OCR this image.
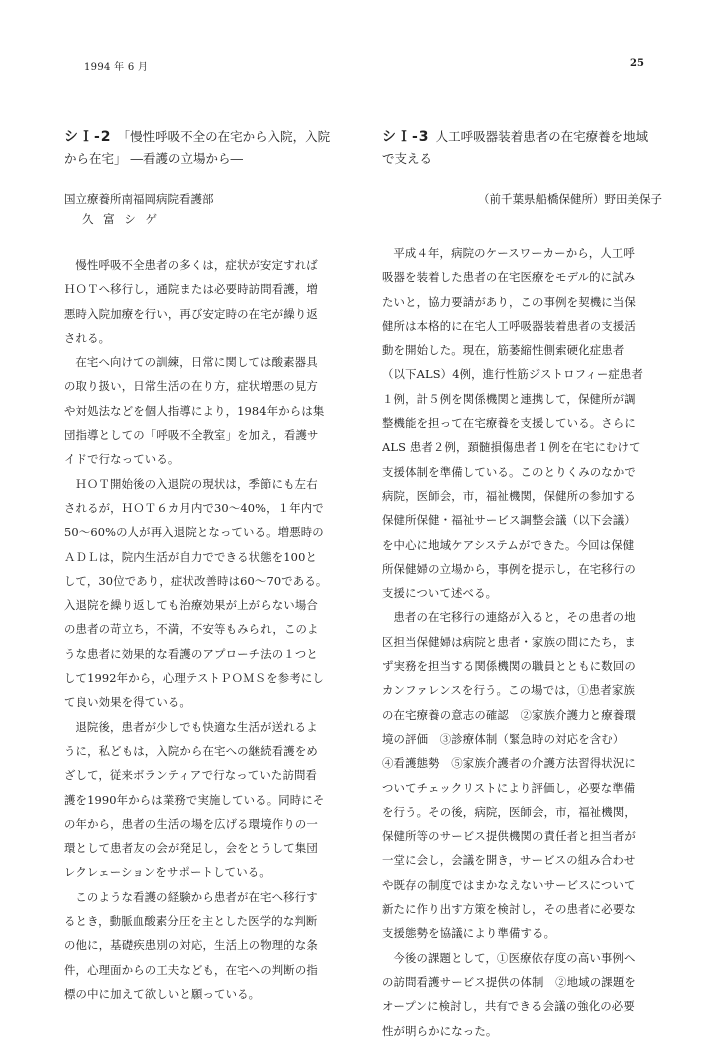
1994 年 6 月	25
シＩ-2 「慢性呼吸不全の在宅から入院，入院
から在宅」 ―看護の立場から―
国立療養所南福岡病院看護部
久 富 シ ゲ

慢性呼吸不全患者の多くは，症状が安定すれば
ＨＯＴへ移行し，通院または必要時訪問看護，増
悪時入院加療を行い，再び安定時の在宅が繰り返
される。

在宅へ向けての訓練，日常に関しては酸素器具
の取り扱い，日常生活の在り方，症状増悪の見方
や対処法などを個人指導により，1984年からは集
団指導としての「呼吸不全教室」を加え，看護サ
イドで行なっている。

ＨＯＴ開始後の入退院の現状は，季節にも左右
されるが，ＨＯＴ６カ月内で30〜40%，１年内で
50〜60%の人が再入退院となっている。増悪時の
ＡＤＬは，院内生活が自力でできる状態を100と
して，30位であり，症状改善時は60〜70である。
入退院を繰り返しても治療効果が上がらない場合
の患者の苛立ち，不満，不安等もみられ，このよ
うな患者に効果的な看護のアプローチ法の１つと
して1992年から，心理テストＰＯＭＳを参考にし
て良い効果を得ている。

退院後，患者が少しでも快適な生活が送れるよ
うに，私どもは，入院から在宅への継続看護をめ
ざして，従来ボランティアで行なっていた訪問看
護を1990年からは業務で実施している。同時にそ
の年から，患者の生活の場を広げる環境作りの一
環として患者友の会が発足し，会をとうして集団
レクレェーションをサポートしている。

このような看護の経験から患者が在宅へ移行す
るとき，動脈血酸素分圧を主とした医学的な判断
の他に，基礎疾患別の対応，生活上の物理的な条
件，心理面からの工夫なども，在宅への判断の指
標の中に加えて欲しいと願っている。

シＩ-3 人工呼吸器装着患者の在宅療養を地域
で支える
（前千葉県船橋保健所）野田美保子

平成４年，病院のケースワーカーから，人工呼
吸器を装着した患者の在宅医療をモデル的に試み
たいと，協力要請があり，この事例を契機に当保
健所は本格的に在宅人工呼吸器装着患者の支援活
動を開始した。現在，筋萎縮性側索硬化症患者
（以下ALS）4例，進行性筋ジストロフィー症患者
１例，計５例を関係機関と連携して，保健所が調
整機能を担って在宅療養を支援している。さらに
ALS 患者２例，頚髄損傷患者１例を在宅にむけて
支援体制を準備している。このとりくみのなかで
病院，医師会，市，福祉機関，保健所の参加する
保健所保健・福祉サービス調整会議（以下会議）
を中心に地域ケアシステムができた。今回は保健
所保健婦の立場から，事例を提示し，在宅移行の
支援について述べる。

患者の在宅移行の連絡が入ると，その患者の地
区担当保健婦は病院と患者・家族の間にたち，ま
ず実務を担当する関係機関の職員とともに数回の
カンファレンスを行う。この場では，①患者家族
の在宅療養の意志の確認　②家族介護力と療養環
境の評価　③診療体制（緊急時の対応を含む）
④看護態勢　⑤家族介護者の介護方法習得状況に
ついてチェックリストにより評価し，必要な準備
を行う。その後，病院，医師会，市，福祉機関，
保健所等のサービス提供機関の責任者と担当者が
一堂に会し，会議を開き，サービスの組み合わせ
や既存の制度ではまかなえないサービスについて
新たに作り出す方策を検討し，その患者に必要な
支援態勢を協議により準備する。

今後の課題として，①医療依存度の高い事例へ
の訪問看護サービス提供の体制　②地域の課題を
オープンに検討し，共有できる会議の強化の必要
性が明らかになった。
